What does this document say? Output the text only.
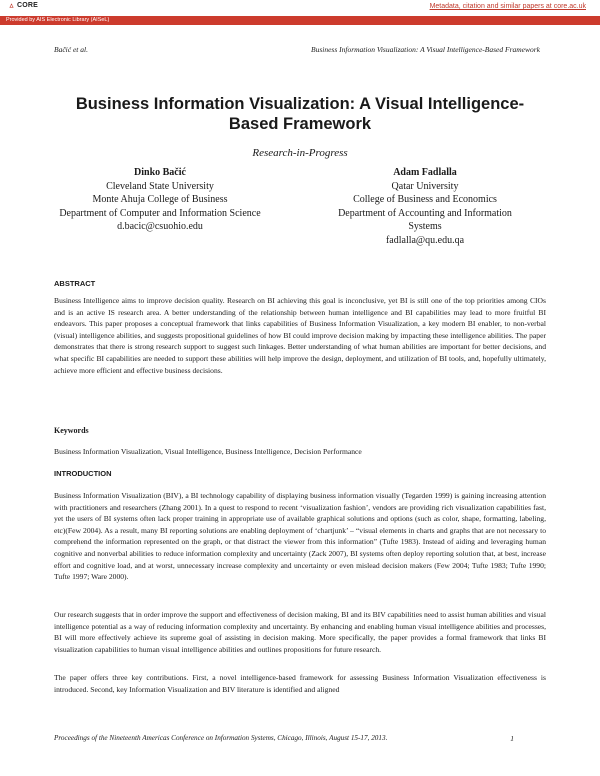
CORE	Metadata, citation and similar papers at core.ac.uk
Provided by AIS Electronic Library (AISeL)
Bačić et al.	Business Information Visualization: A Visual Intelligence-Based Framework
Business Information Visualization: A Visual Intelligence-
Based Framework
Research-in-Progress
Dinko Bačić
Cleveland State University
Monte Ahuja College of Business
Department of Computer and Information Science
d.bacic@csuohio.edu
Adam Fadlalla
Qatar University
College of Business and Economics
Department of Accounting and Information
Systems
fadlalla@qu.edu.qa
ABSTRACT

Business Intelligence aims to improve decision quality. Research on BI achieving this goal is inconclusive, yet BI is still one of the top priorities among CIOs and is an active IS research area. A better understanding of the relationship between human intelligence and BI capabilities may lead to more fruitful BI endeavors. This paper proposes a conceptual framework that links capabilities of Business Information Visualization, a key modern BI enabler, to non-verbal (visual) intelligence abilities, and suggests propositional guidelines of how BI could improve decision making by impacting these intelligence abilities. The paper demonstrates that there is strong research support to suggest such linkages. Better understanding of what human abilities are important for better decisions, and what specific BI capabilities are needed to support these abilities will help improve the design, deployment, and utilization of BI tools, and, hopefully ultimately, achieve more efficient and effective business decisions.

Keywords

Business Information Visualization, Visual Intelligence, Business Intelligence, Decision Performance

INTRODUCTION

Business Information Visualization (BIV), a BI technology capability of displaying business information visually (Tegarden 1999) is gaining increasing attention with practitioners and researchers (Zhang 2001). In a quest to respond to recent ‘visualization fashion’, vendors are providing rich visualization capabilities fast, yet the users of BI systems often lack proper training in appropriate use of available graphical solutions and options (such as color, shape, formatting, labeling, etc)(Few 2004). As a result, many BI reporting solutions are enabling deployment of ‘chartjunk’ – “visual elements in charts and graphs that are not necessary to comprehend the information represented on the graph, or that distract the viewer from this information” (Tufte 1983). Instead of aiding and leveraging human cognitive and nonverbal abilities to reduce information complexity and uncertainty (Zack 2007), BI systems often deploy reporting solution that, at best, increase effort and cognitive load, and at worst, unnecessary increase complexity and uncertainty or even mislead decision makers (Few 2004; Tufte 1983; Tufte 1990; Tufte 1997; Ware 2000).

Our research suggests that in order improve the support and effectiveness of decision making, BI and its BIV capabilities need to assist human abilities and visual intelligence potential as a way of reducing information complexity and uncertainty. By enhancing and enabling human visual intelligence abilities and processes, BI will more effectively achieve its supreme goal of assisting in decision making. More specifically, the paper provides a formal framework that links BI visualization capabilities to human visual intelligence abilities and outlines propositions for future research.

The paper offers three key contributions. First, a novel intelligence-based framework for assessing Business Information Visualization effectiveness is introduced. Second, key Information Visualization and BIV literature is identified and aligned

Proceedings of the Nineteenth Americas Conference on Information Systems, Chicago, Illinois, August 15-17, 2013.	1
